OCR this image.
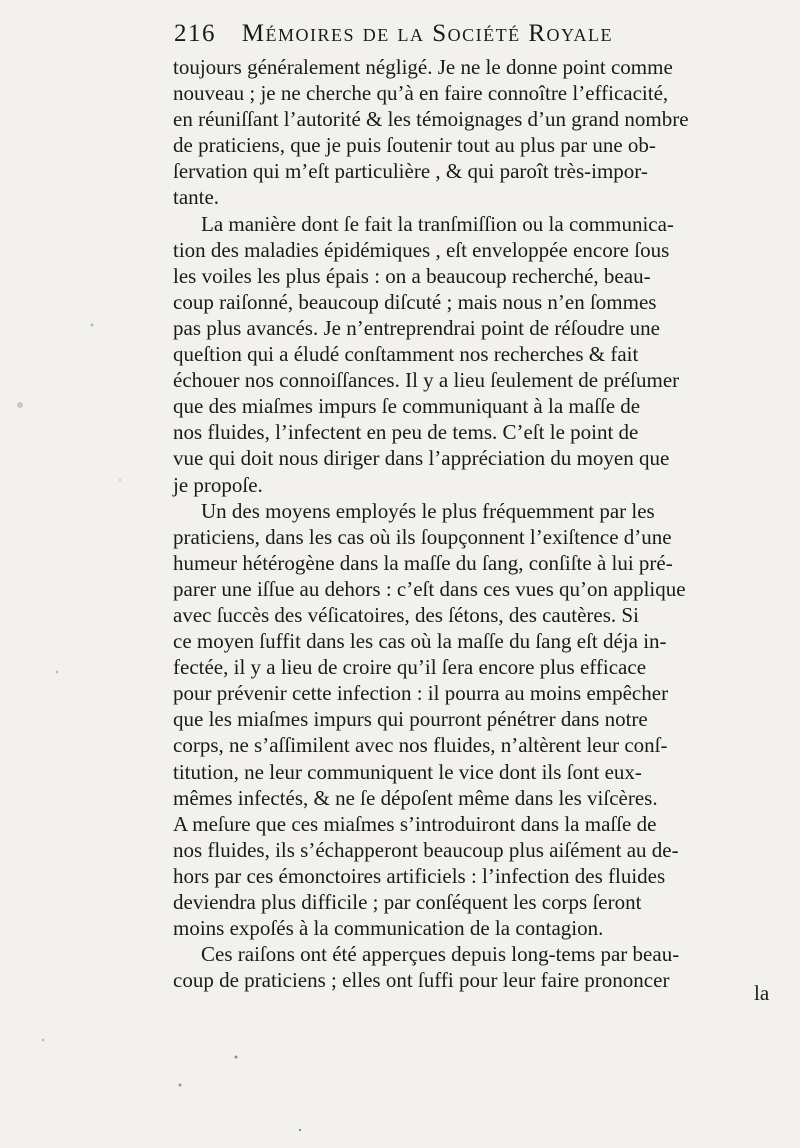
216 Mémoires de la Société Royale
toujours généralement négligé. Je ne le donne point comme
nouveau ; je ne cherche qu’à en faire connoître l’efficacité,
en réuniſſant l’autorité & les témoignages d’un grand nombre
de praticiens, que je puis ſoutenir tout au plus par une ob-
ſervation qui m’eſt particulière , & qui paroît très-impor-
tante.
La manière dont ſe fait la tranſmiſſion ou la communica-
tion des maladies épidémiques , eſt enveloppée encore ſous
les voiles les plus épais : on a beaucoup recherché, beau-
coup raiſonné, beaucoup diſcuté ; mais nous n’en ſommes
pas plus avancés. Je n’entreprendrai point de réſoudre une
queſtion qui a éludé conſtamment nos recherches & fait
échouer nos connoiſſances. Il y a lieu ſeulement de préſumer
que des miaſmes impurs ſe communiquant à la maſſe de
nos fluides, l’infectent en peu de tems. C’eſt le point de
vue qui doit nous diriger dans l’appréciation du moyen que
je propoſe.
Un des moyens employés le plus fréquemment par les
praticiens, dans les cas où ils ſoupçonnent l’exiſtence d’une
humeur hétérogène dans la maſſe du ſang, conſiſte à lui pré-
parer une iſſue au dehors : c’eſt dans ces vues qu’on applique
avec ſuccès des véſicatoires, des ſétons, des cautères. Si
ce moyen ſuffit dans les cas où la maſſe du ſang eſt déja in-
fectée, il y a lieu de croire qu’il ſera encore plus efficace
pour prévenir cette infection : il pourra au moins empêcher
que les miaſmes impurs qui pourront pénétrer dans notre
corps, ne s’aſſimilent avec nos fluides, n’altèrent leur conſ-
titution, ne leur communiquent le vice dont ils ſont eux-
mêmes infectés, & ne ſe dépoſent même dans les viſcères.
A meſure que ces miaſmes s’introduiront dans la maſſe de
nos fluides, ils s’échapperont beaucoup plus aiſément au de-
hors par ces émonctoires artificiels : l’infection des fluides
deviendra plus difficile ; par conſéquent les corps ſeront
moins expoſés à la communication de la contagion.
Ces raiſons ont été apperçues depuis long-tems par beau-
coup de praticiens ; elles ont ſuffi pour leur faire prononcer
la
